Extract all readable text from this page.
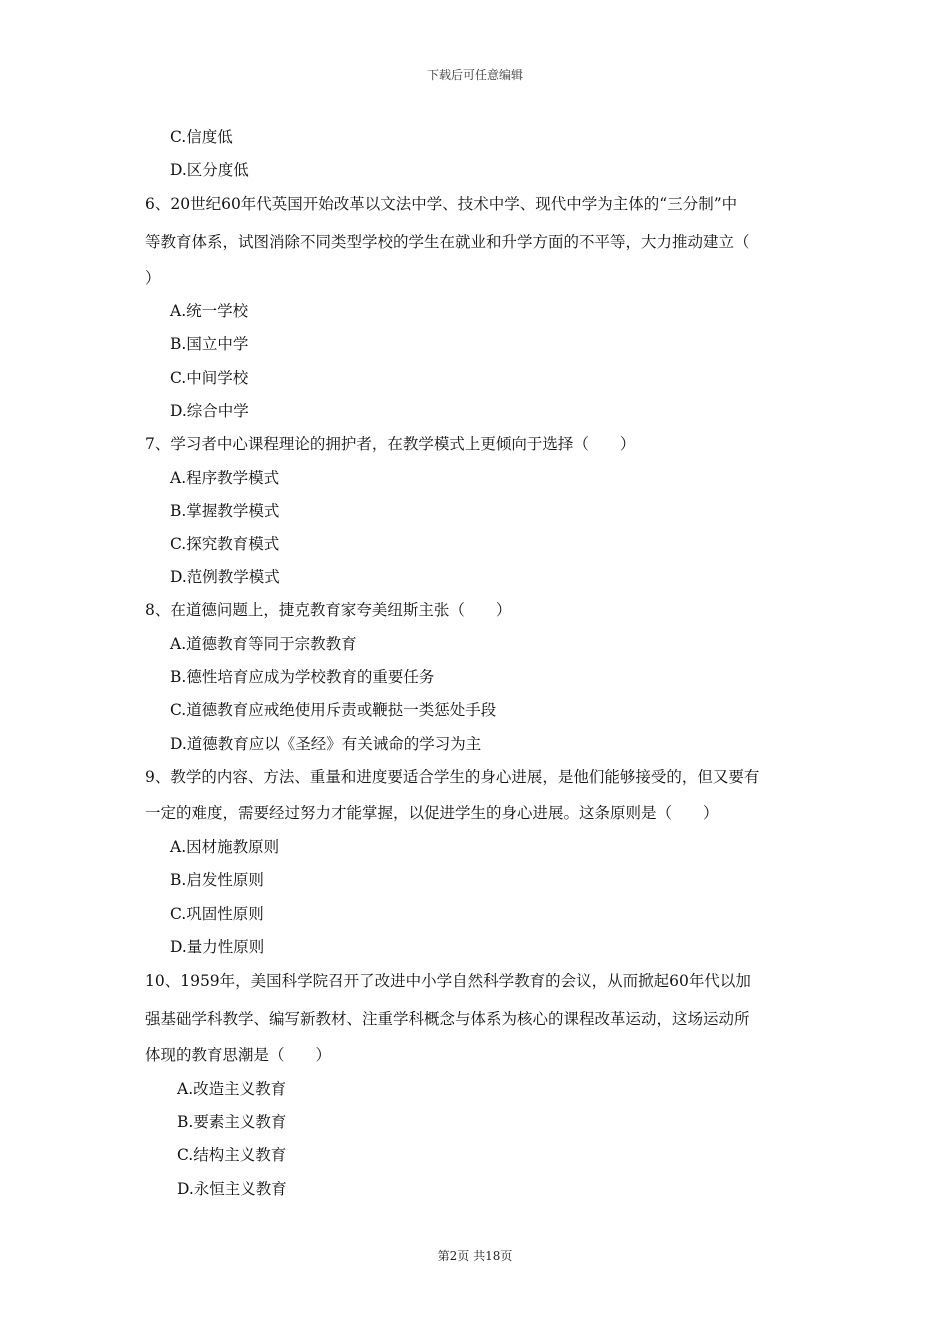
下载后可任意编辑
C.信度低
D.区分度低
6、20世纪60年代英国开始改革以文法中学、技术中学、现代中学为主体的“三分制”中
等教育体系，试图消除不同类型学校的学生在就业和升学方面的不平等，大力推动建立（
）
A.统一学校
B.国立中学
C.中间学校
D.综合中学
7、学习者中心课程理论的拥护者，在教学模式上更倾向于选择（　　）
A.程序教学模式
B.掌握教学模式
C.探究教育模式
D.范例教学模式
8、在道德问题上，捷克教育家夸美纽斯主张（　　）
A.道德教育等同于宗教教育
B.德性培育应成为学校教育的重要任务
C.道德教育应戒绝使用斥责或鞭挞一类惩处手段
D.道德教育应以《圣经》有关诫命的学习为主
9、教学的内容、方法、重量和进度要适合学生的身心进展，是他们能够接受的，但又要有
一定的难度，需要经过努力才能掌握，以促进学生的身心进展。这条原则是（　　）
A.因材施教原则
B.启发性原则
C.巩固性原则
D.量力性原则
10、1959年，美国科学院召开了改进中小学自然科学教育的会议，从而掀起60年代以加
强基础学科教学、编写新教材、注重学科概念与体系为核心的课程改革运动，这场运动所
体现的教育思潮是（　　）
A.改造主义教育
B.要素主义教育
C.结构主义教育
D.永恒主义教育
第2页 共18页
